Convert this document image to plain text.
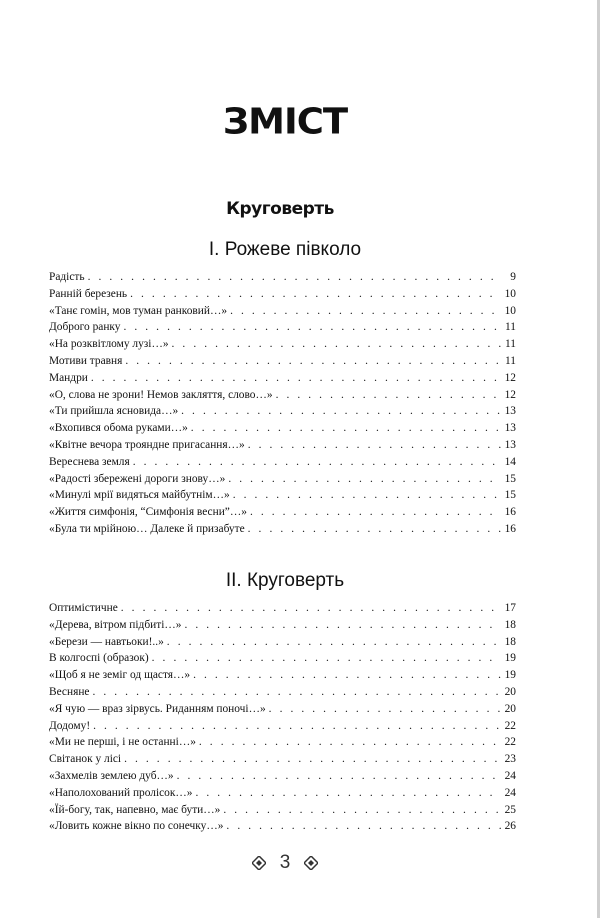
ЗМІСТ
Круговерть
І. Рожеве півколо
Радість . . .	9
Ранній березень . . .	10
«Танє гомін, мов туман ранковий…» . . .	10
Доброго ранку . . .	11
«На розквітлому лузі…» . . .	11
Мотиви травня . . .	11
Мандри . . .	12
«О, слова не зрони! Немов закляття, слово…» . . .	12
«Ти прийшла ясновида…» . . .	13
«Вхопився обома руками…» . . .	13
«Квітне вечора трояндне пригасання…» . . .	13
Вереснева земля . . .	14
«Радості збережені дороги знову…» . . .	15
«Минулі мрії видяться майбутнім…» . . .	15
«Життя симфонія, “Симфонія весни”…» . . .	16
«Була ти мрійною… Далеке й призабуте . . .	16
ІІ. Круговерть
Оптимістичне . . .	17
«Дерева, вітром підбиті…» . . .	18
«Берези — навтьоки!..» . . .	18
В колгоспі (образок) . . .	19
«Щоб я не земіг од щастя…» . . .	19
Весняне . . .	20
«Я чую — враз зірвусь. Риданням поночі…» . . .	20
Додому! . . .	22
«Ми не перші, і не останні…» . . .	22
Світанок у лісі . . .	23
«Захмелів землею дуб…» . . .	24
«Наполохований пролісок…» . . .	24
«Їй-богу, так, напевно, має бути…» . . .	25
«Ловить кожне вікно по сонечку…» . . .	26
3
